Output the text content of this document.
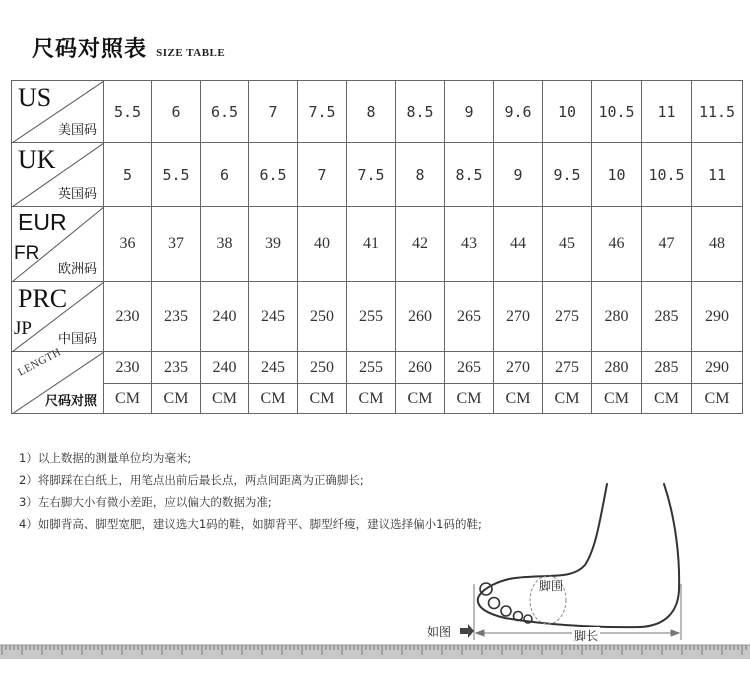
尺码对照表 SIZE TABLE
US
美国码	5.5	6	6.5	7	7.5	8	8.5	9	9.6	10	10.5	11	11.5

UK
英国码	5	5.5	6	6.5	7	7.5	8	8.5	9	9.5	10	10.5	11

EUR
FR
欧洲码	36	37	38	39	40	41	42	43	44	45	46	47	48

PRC
JP 中国码	230	235	240	245	250	255	260	265	270	275	280	285	290

LENGTH
尺码对照	230	235	240	245	250	255	260	265	270	275	280	285	290
	CM	CM	CM	CM	CM	CM	CM	CM	CM	CM	CM	CM	CM
1）以上数据的测量单位均为毫米;
2）将脚踩在白纸上，用笔点出前后最长点，两点间距离为正确脚长;
3）左右脚大小有微小差距，应以偏大的数据为准;
4）如脚背高、脚型宽肥，建议选大1码的鞋，如脚背平、脚型纤瘦，建议选择偏小1码的鞋;
脚围
如图	脚长
